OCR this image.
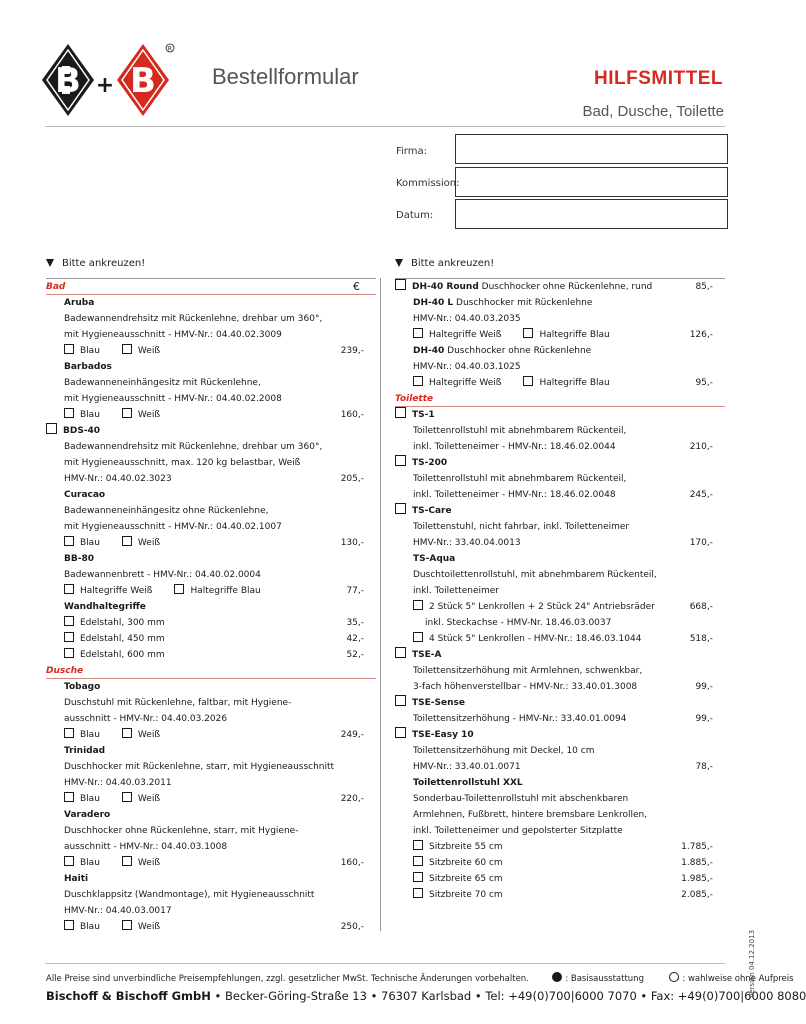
B + B
R
Bestellformular	HILFSMITTEL
Bad, Dusche, Toilette
Firma:
Kommission:
Datum:
Bitte ankreuzen!	Bitte ankreuzen!
Bad	€
Aruba
Badewannendrehsitz mit Rückenlehne, drehbar um 360°,
mit Hygieneausschnitt - HMV-Nr.: 04.40.02.3009
Blau	Weiß	239,-
Barbados
Badewanneneinhängesitz mit Rückenlehne,
mit Hygieneausschnitt - HMV-Nr.: 04.40.02.2008
Blau	Weiß	160,-
BDS-40
Badewannendrehsitz mit Rückenlehne, drehbar um 360°,
mit Hygieneausschnitt, max. 120 kg belastbar, Weiß
HMV-Nr.: 04.40.02.3023	205,-
Curacao
Badewanneneinhängesitz ohne Rückenlehne,
mit Hygieneausschnitt - HMV-Nr.: 04.40.02.1007
Blau	Weiß	130,-
BB-80
Badewannenbrett - HMV-Nr.: 04.40.02.0004
Haltegriffe Weiß	Haltegriffe Blau	77,-
Wandhaltegriffe
Edelstahl, 300 mm	35,-
Edelstahl, 450 mm	42,-
Edelstahl, 600 mm	52,-
Dusche
Tobago
Duschstuhl mit Rückenlehne, faltbar, mit Hygiene-
ausschnitt - HMV-Nr.: 04.40.03.2026
Blau	Weiß	249,-
Trinidad
Duschhocker mit Rückenlehne, starr, mit Hygieneausschnitt
HMV-Nr.: 04.40.03.2011
Blau	Weiß	220,-
Varadero
Duschhocker ohne Rückenlehne, starr, mit Hygiene-
ausschnitt - HMV-Nr.: 04.40.03.1008
Blau	Weiß	160,-
Haiti
Duschklappsitz (Wandmontage), mit Hygieneausschnitt
HMV-Nr.: 04.40.03.0017
Blau	Weiß	250,-
DH-40 Round Duschhocker ohne Rückenlehne, rund	85,-
DH-40 L Duschhocker mit Rückenlehne
HMV-Nr.: 04.40.03.2035
Haltegriffe Weiß	Haltegriffe Blau	126,-
DH-40 Duschhocker ohne Rückenlehne
HMV-Nr.: 04.40.03.1025
Haltegriffe Weiß	Haltegriffe Blau	95,-
Toilette
TS-1
Toilettenrollstuhl mit abnehmbarem Rückenteil,
inkl. Toiletteneimer - HMV-Nr.: 18.46.02.0044	210,-
TS-200
Toilettenrollstuhl mit abnehmbarem Rückenteil,
inkl. Toiletteneimer - HMV-Nr.: 18.46.02.0048	245,-
TS-Care
Toilettenstuhl, nicht fahrbar, inkl. Toiletteneimer
HMV-Nr.: 33.40.04.0013	170,-
TS-Aqua
Duschtoilettenrollstuhl, mit abnehmbarem Rückenteil,
inkl. Toiletteneimer
2 Stück 5" Lenkrollen + 2 Stück 24" Antriebsräder	668,-
inkl. Steckachse - HMV-Nr. 18.46.03.0037
4 Stück 5" Lenkrollen - HMV-Nr.: 18.46.03.1044	518,-
TSE-A
Toilettensitzerhöhung mit Armlehnen, schwenkbar,
3-fach höhenverstellbar - HMV-Nr.: 33.40.01.3008	99,-
TSE-Sense
Toilettensitzerhöhung - HMV-Nr.: 33.40.01.0094	99,-
TSE-Easy 10
Toilettensitzerhöhung mit Deckel, 10 cm
HMV-Nr.: 33.40.01.0071	78,-
Toilettenrollstuhl XXL
Sonderbau-Toilettenrollstuhl mit abschenkbaren
Armlehnen, Fußbrett, hintere bremsbare Lenkrollen,
inkl. Toiletteneimer und gepolsterter Sitzplatte
Sitzbreite 55 cm	1.785,-
Sitzbreite 60 cm	1.885,-
Sitzbreite 65 cm	1.985,-
Sitzbreite 70 cm	2.085,-
Alle Preise sind unverbindliche Preisempfehlungen, zzgl. gesetzlicher MwSt. Technische Änderungen vorbehalten.	: Basisausstattung	: wahlweise ohne Aufpreis
Bischoff & Bischoff GmbH • Becker-Göring-Straße 13 • 76307 Karlsbad • Tel: +49(0)700|6000 7070 • Fax: +49(0)700|6000 8080
Version 04.12.2013
